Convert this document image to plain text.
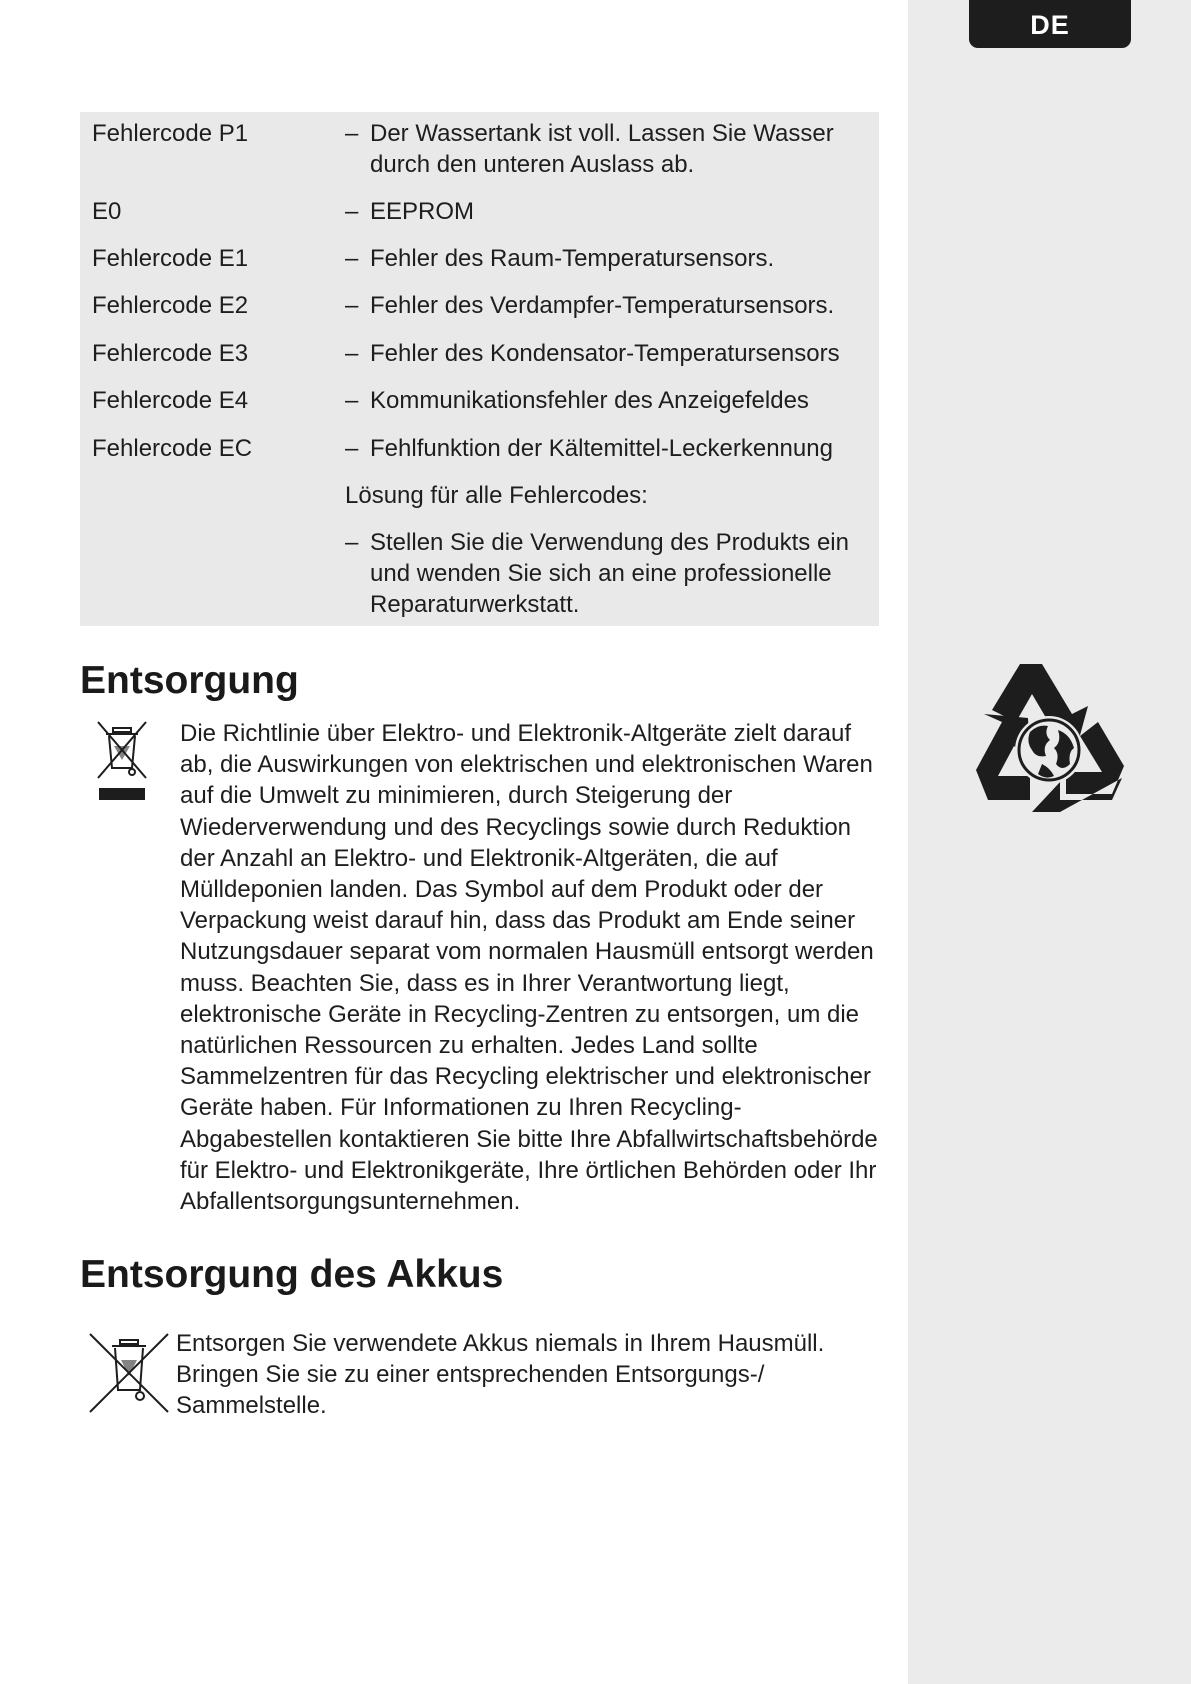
DE
Fehlercode P1	– Der Wassertank ist voll. Lassen Sie Wasser durch den unteren Auslass ab.
E0	– EEPROM
Fehlercode E1	– Fehler des Raum-Temperatursensors.
Fehlercode E2	– Fehler des Verdampfer-Temperatursensors.
Fehlercode E3	– Fehler des Kondensator-Temperatursensors
Fehlercode E4	– Kommunikationsfehler des Anzeigefeldes
Fehlercode EC	– Fehlfunktion der Kältemittel-Leckerkennung
Lösung für alle Fehlercodes:
– Stellen Sie die Verwendung des Produkts ein und wenden Sie sich an eine professionelle Reparaturwerkstatt.
Entsorgung
Die Richtlinie über Elektro- und Elektronik-Altgeräte zielt darauf ab, die Auswirkungen von elektrischen und elektronischen Waren auf die Umwelt zu minimieren, durch Steigerung der Wiederverwendung und des Recyclings sowie durch Reduktion der Anzahl an Elektro- und Elektronik-Altgeräten, die auf Mülldeponien landen. Das Symbol auf dem Produkt oder der Verpackung weist darauf hin, dass das Produkt am Ende seiner Nutzungsdauer separat vom normalen Hausmüll entsorgt werden muss. Beachten Sie, dass es in Ihrer Verantwortung liegt, elektronische Geräte in Recycling-Zentren zu entsorgen, um die natürlichen Ressourcen zu erhalten. Jedes Land sollte Sammelzentren für das Recycling elektrischer und elektronischer Geräte haben. Für Informationen zu Ihren Recycling-Abgabestellen kontaktieren Sie bitte Ihre Abfallwirtschaftsbehörde für Elektro- und Elektronikgeräte, Ihre örtlichen Behörden oder Ihr Abfallentsorgungsunternehmen.
Entsorgung des Akkus
Entsorgen Sie verwendete Akkus niemals in Ihrem Hausmüll. Bringen Sie sie zu einer entsprechenden Entsorgungs-/ Sammelstelle.
